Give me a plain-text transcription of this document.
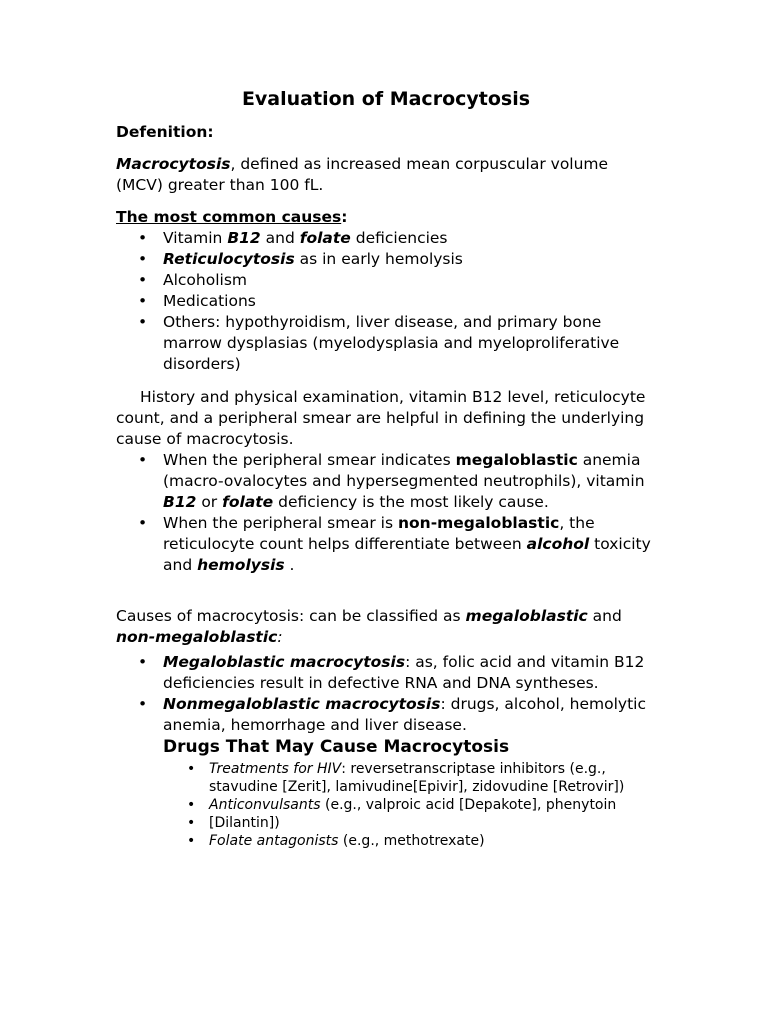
Evaluation of Macrocytosis
Defenition:

Macrocytosis, defined as increased mean corpuscular volume (MCV) greater than 100 fL.

The most common causes:
• Vitamin B12 and folate deficiencies
• Reticulocytosis as in early hemolysis
• Alcoholism
• Medications
• Others: hypothyroidism, liver disease, and primary bone marrow dysplasias (myelodysplasia and myeloproliferative disorders)

History and physical examination, vitamin B12 level, reticulocyte count, and a peripheral smear are helpful in defining the underlying cause of macrocytosis.

• When the peripheral smear indicates megaloblastic anemia (macro-ovalocytes and hypersegmented neutrophils), vitamin B12 or folate deficiency is the most likely cause.
• When the peripheral smear is non-megaloblastic, the reticulocyte count helps differentiate between alcohol toxicity and hemolysis .

Causes of macrocytosis: can be classified as megaloblastic and non-megaloblastic:

• Megaloblastic macrocytosis: as, folic acid and vitamin B12 deficiencies result in defective RNA and DNA syntheses.
• Nonmegaloblastic macrocytosis: drugs, alcohol, hemolytic anemia, hemorrhage and liver disease.
Drugs That May Cause Macrocytosis
• Treatments for HIV: reversetranscriptase inhibitors (e.g., stavudine [Zerit], lamivudine[Epivir], zidovudine [Retrovir])
• Anticonvulsants (e.g., valproic acid [Depakote], phenytoin
• [Dilantin])
• Folate antagonists (e.g., methotrexate)
